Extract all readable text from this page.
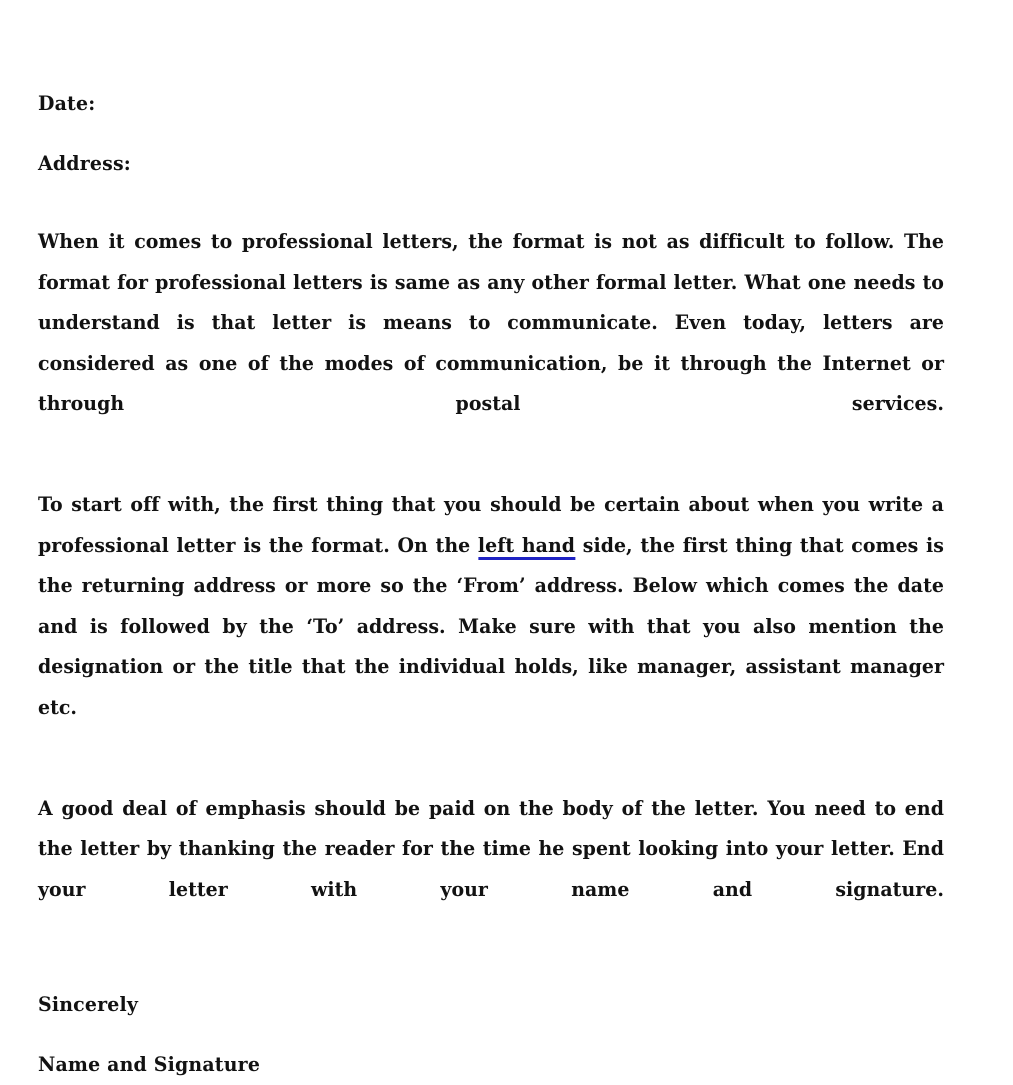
Date:

Address:

When it comes to professional letters, the format is not as difficult to follow. The format for professional letters is same as any other formal letter. What one needs to understand is that letter is means to communicate. Even today, letters are considered as one of the modes of communication, be it through the Internet or through postal services.

To start off with, the first thing that you should be certain about when you write a professional letter is the format. On the left hand side, the first thing that comes is the returning address or more so the ‘From’ address. Below which comes the date and is followed by the ‘To’ address. Make sure with that you also mention the designation or the title that the individual holds, like manager, assistant manager etc.

A good deal of emphasis should be paid on the body of the letter. You need to end the letter by thanking the reader for the time he spent looking into your letter. End your letter with your name and signature.

Sincerely

Name and Signature
